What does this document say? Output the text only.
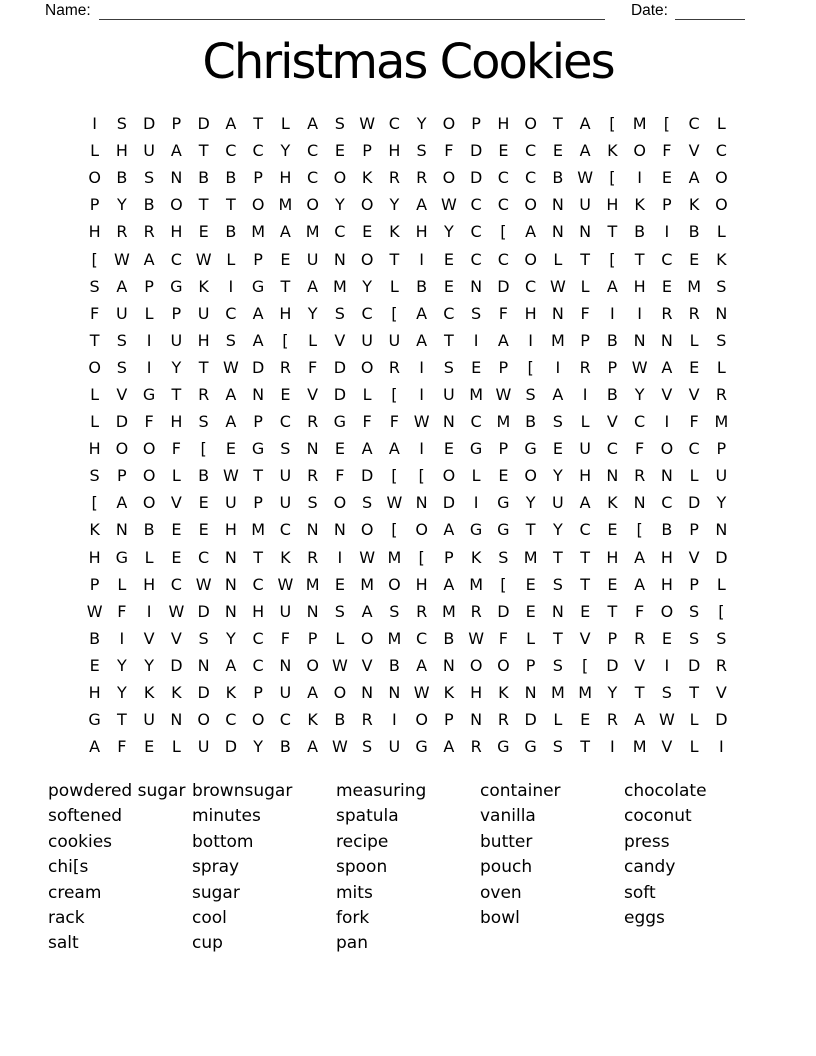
Name:	Date:
Christmas Cookies
I	S	D	P	D A	T	L	A	S W C	Y	O	P	H O	T	A	[	M	[	C	L
L	H U A	T	C	C	Y	C	E	P	H	S	F	D	E	C	E	A	K O	F	V	C
O B	S	N B	B	P	H C O K	R	R O D C	C	B W	[	I	E	A O
P	Y	B O	T	T	O M O	Y	O	Y	A W C	C O N U H K	P	K O
H R	R H	E	B M A M C	E	K H	Y	C	[	A N N	T	B	I	B	L
[	W A	C W L	P	E	U N O	T	I	E	C	C O	L	T	[	T	C	E	K
S	A	P	G K	I	G	T	A M Y	L	B	E	N D C W L	A H	E M S
F	U	L	P	U C	A H	Y	S	C	[	A	C	S	F	H N	F	I	I	R	R N
T	S	I	U H	S	A	[	L	V U U A	T	I	A	I	M P	B N N	L	S
O S	I	Y	T W D R	F	D O R	I	S	E	P	[	I	R	P W A	E	L
L	V G	T	R	A N	E	V D	L	[	I	U M W S	A	I	B	Y	V	V	R
L	D	F	H	S	A	P	C	R G	F	F W N C M B	S	L	V	C	I	F M
H O O	F	[	E	G S	N	E	A	A	I	E	G	P	G E	U C	F	O C	P
S	P	O	L	B W T	U R	F	D	[	[	O	L	E O	Y	H N R N	L	U
[	A O V	E	U	P	U	S O S W N D	I	G	Y	U A	K	N C D	Y
K	N B	E	E	H M C N N O	[	O A G G	T	Y	C	E	[	B	P	N
H G	L	E	C N	T	K	R	I	W M	[	P	K	S M T	T	H A H V D
P	L	H C W N C W M E M O H A M	[	E	S	T	E	A H	P	L
W F	I	W D N H U N	S	A	S	R M R D	E	N	E	T	F	O S	[
B	I	V	V	S	Y	C	F	P	L	O M C	B W F	L	T	V	P	R	E	S	S
E	Y	Y	D N A	C N O W V	B	A N O O	P	S	[	D V	I	D R
H	Y	K	K D K	P	U A O N N W K H K	N M M Y	T	S	T	V
G	T	U N O C O C	K	B	R	I	O	P	N R D	L	E	R	A W L	D
A	F	E	L	U D	Y	B	A W S	U G A	R G G S	T	I	M V	L	I
powdered sugar
softened
cookies
chi[s
cream
rack
salt
brownsugar
minutes
bottom
spray
sugar
cool
cup
measuring
spatula
recipe
spoon
mits
fork
pan
container
vanilla
butter
pouch
oven
bowl
chocolate
coconut
press
candy
soft
eggs
